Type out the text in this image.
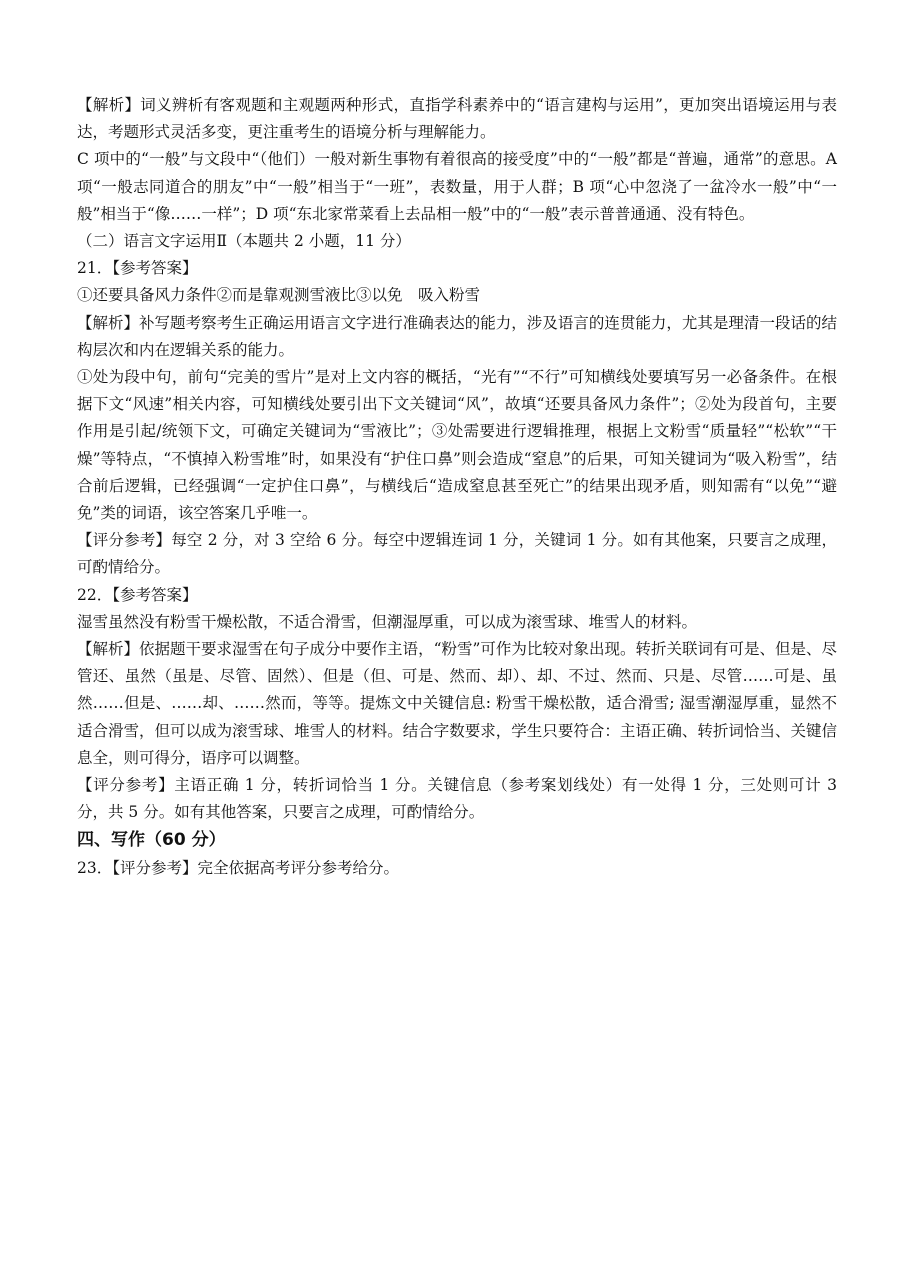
【解析】词义辨析有客观题和主观题两种形式，直指学科素养中的“语言建构与运用”，更加突出语境运用与表达，考题形式灵活多变，更注重考生的语境分析与理解能力。

C 项中的“一般”与文段中“（他们）一般对新生事物有着很高的接受度”中的“一般”都是“普遍，通常”的意思。A 项“一般志同道合的朋友”中“一般”相当于“一班”，表数量，用于人群；B 项“心中忽浇了一盆冷水一般”中“一般”相当于“像……一样”；D 项“东北家常菜看上去品相一般”中的“一般”表示普普通通、没有特色。

（二）语言文字运用Ⅱ（本题共 2 小题，11 分）

21．【参考答案】

①还要具备风力条件②而是靠观测雪液比③以免　吸入粉雪

【解析】补写题考察考生正确运用语言文字进行准确表达的能力，涉及语言的连贯能力，尤其是理清一段话的结构层次和内在逻辑关系的能力。

①处为段中句，前句“完美的雪片”是对上文内容的概括，“光有”“不行”可知横线处要填写另一必备条件。在根据下文“风速”相关内容，可知横线处要引出下文关键词“风”，故填“还要具备风力条件”；②处为段首句，主要作用是引起/统领下文，可确定关键词为“雪液比”；③处需要进行逻辑推理，根据上文粉雪“质量轻”“松软”“干燥”等特点，“不慎掉入粉雪堆”时，如果没有“护住口鼻”则会造成“窒息”的后果，可知关键词为“吸入粉雪”，结合前后逻辑，已经强调“一定护住口鼻”，与横线后“造成窒息甚至死亡”的结果出现矛盾，则知需有“以免”“避免”类的词语，该空答案几乎唯一。

【评分参考】每空 2 分，对 3 空给 6 分。每空中逻辑连词 1 分，关键词 1 分。如有其他案，只要言之成理，可酌情给分。

22．【参考答案】

湿雪虽然没有粉雪干燥松散，不适合滑雪，但潮湿厚重，可以成为滚雪球、堆雪人的材料。

【解析】依据题干要求湿雪在句子成分中要作主语，“粉雪”可作为比较对象出现。转折关联词有可是、但是、尽管还、虽然（虽是、尽管、固然）、但是（但、可是、然而、却）、却、不过、然而、只是、尽管……可是、虽然……但是、……却、……然而，等等。提炼文中关键信息: 粉雪干燥松散，适合滑雪; 湿雪潮湿厚重，显然不适合滑雪，但可以成为滚雪球、堆雪人的材料。结合字数要求，学生只要符合：主语正确、转折词恰当、关键信息全，则可得分，语序可以调整。

【评分参考】主语正确 1 分，转折词恰当 1 分。关键信息（参考案划线处）有一处得 1 分，三处则可计 3 分，共 5 分。如有其他答案，只要言之成理，可酌情给分。

四、写作（60 分）

23．【评分参考】完全依据高考评分参考给分。
